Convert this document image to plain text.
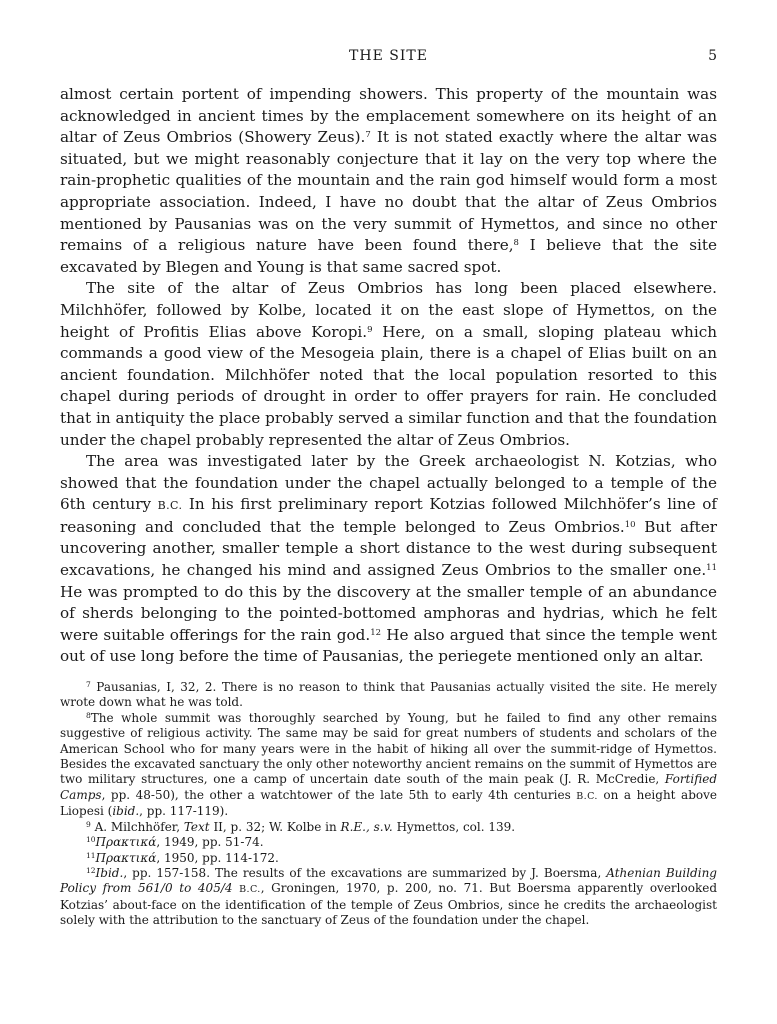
THE SITE	5

almost certain portent of impending showers. This property of the mountain was acknowledged in ancient times by the emplacement somewhere on its height of an altar of Zeus Ombrios (Showery Zeus).$^7$ It is not stated exactly where the altar was situated, but we might reasonably conjecture that it lay on the very top where the rain-prophetic qualities of the mountain and the rain god himself would form a most appropriate association. Indeed, I have no doubt that the altar of Zeus Ombrios mentioned by Pausanias was on the very summit of Hymettos, and since no other remains of a religious nature have been found there,$^8$ I believe that the site excavated by Blegen and Young is that same sacred spot.

The site of the altar of Zeus Ombrios has long been placed elsewhere. Milchhöfer, followed by Kolbe, located it on the east slope of Hymettos, on the height of Profitis Elias above Koropi.$^9$ Here, on a small, sloping plateau which commands a good view of the Mesogeia plain, there is a chapel of Elias built on an ancient foundation. Milchhöfer noted that the local population resorted to this chapel during periods of drought in order to offer prayers for rain. He concluded that in antiquity the place probably served a similar function and that the foundation under the chapel probably represented the altar of Zeus Ombrios.

The area was investigated later by the Greek archaeologist N. Kotzias, who showed that the foundation under the chapel actually belonged to a temple of the 6th century B.C. In his first preliminary report Kotzias followed Milchhöfer’s line of reasoning and concluded that the temple belonged to Zeus Ombrios.$^{10}$ But after uncovering another, smaller temple a short distance to the west during subsequent excavations, he changed his mind and assigned Zeus Ombrios to the smaller one.$^{11}$ He was prompted to do this by the discovery at the smaller temple of an abundance of sherds belonging to the pointed-bottomed amphoras and hydrias, which he felt were suitable offerings for the rain god.$^{12}$ He also argued that since the temple went out of use long before the time of Pausanias, the periegete mentioned only an altar.

$^7$ Pausanias, I, 32, 2. There is no reason to think that Pausanias actually visited the site. He merely wrote down what he was told.

$^8$The whole summit was thoroughly searched by Young, but he failed to find any other remains suggestive of religious activity. The same may be said for great numbers of students and scholars of the American School who for many years were in the habit of hiking all over the summit-ridge of Hymettos. Besides the excavated sanctuary the only other noteworthy ancient remains on the summit of Hymettos are two military structures, one a camp of uncertain date south of the main peak (J. R. McCredie, Fortified Camps, pp. 48-50), the other a watchtower of the late 5th to early 4th centuries B.C. on a height above Liopesi (ibid., pp. 117-119).

$^9$ A. Milchhöfer, Text II, p. 32; W. Kolbe in R.E., s.v. Hymettos, col. 139.

$^{10}$Πρακτικά, 1949, pp. 51-74.

$^{11}$Πρακτικά, 1950, pp. 114-172.

$^{12}$Ibid., pp. 157-158. The results of the excavations are summarized by J. Boersma, Athenian Building Policy from 561/0 to 405/4 B.C., Groningen, 1970, p. 200, no. 71. But Boersma apparently overlooked Kotzias’ about-face on the identification of the temple of Zeus Ombrios, since he credits the archaeologist solely with the attribution to the sanctuary of Zeus of the foundation under the chapel.
